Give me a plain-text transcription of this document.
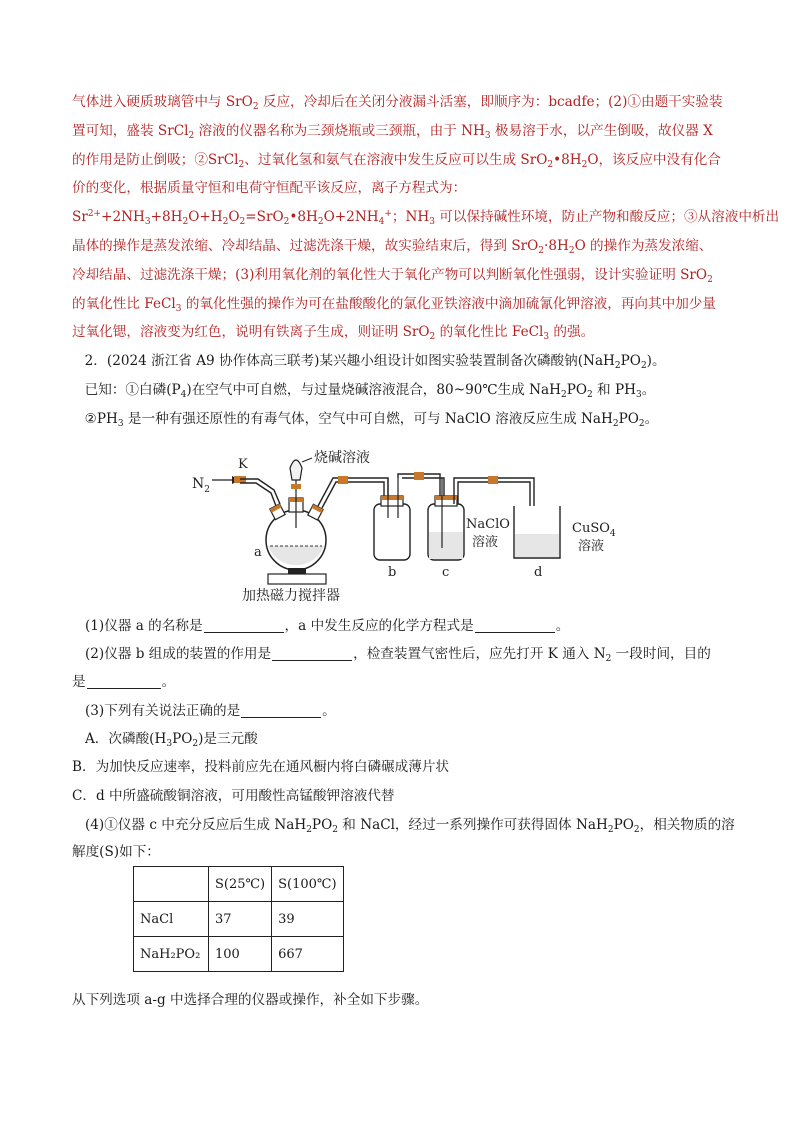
气体进入硬质玻璃管中与 SrO$_2$ 反应，冷却后在关闭分液漏斗活塞，即顺序为：bcadfe；(2)①由题干实验装

置可知，盛装 SrCl$_2$ 溶液的仪器名称为三颈烧瓶或三颈瓶，由于 $NH_3$ 极易溶于水，以产生倒吸，故仪器 X

的作用是防止倒吸；②SrCl$_2$、过氧化氢和氨气在溶液中发生反应可以生成 $SrO_2•8H_2O$，该反应中没有化合

价的变化，根据质量守恒和电荷守恒配平该反应，离子方程式为：

$Sr^{2+}+2NH_3+8H_2O+H_2O_2=SrO_2•8H_2O+2NH_4^+$；$NH_3$ 可以保持碱性环境，防止产物和酸反应；③从溶液中析出

晶体的操作是蒸发浓缩、冷却结晶、过滤洗涤干燥，故实验结束后，得到 $SrO_2\cdot 8H_2O$ 的操作为蒸发浓缩、

冷却结晶、过滤洗涤干燥；(3)利用氧化剂的氧化性大于氧化产物可以判断氧化性强弱，设计实验证明 SrO$_2$

的氧化性比 FeCl$_3$ 的氧化性强的操作为可在盐酸酸化的氯化亚铁溶液中滴加硫氰化钾溶液，再向其中加少量

过氧化锶，溶液变为红色，说明有铁离子生成，则证明 SrO$_2$ 的氧化性比 FeCl$_3$ 的强。

2．(2024 浙江省 A9 协作体高三联考)某兴趣小组设计如图实验装置制备次磷酸钠$(NaH_2PO_2)$。

已知：①白磷$(P_4)$在空气中可自燃，与过量烧碱溶液混合，80~90℃生成 $NaH_2PO_2$ 和 $PH_3$。

$②PH_3$ 是一种有强还原性的有毒气体，空气中可自燃，可与 NaClO 溶液反应生成 $NaH_2PO_2$。

$N_2$
K
a
烧碱溶液
加热磁力搅拌器
b	c
NaClO
溶液
d
CuSO$_4$
溶液

(1)仪器 a 的名称是	，a 中发生反应的化学方程式是	。

(2)仪器 b 组成的装置的作用是	，检查装置气密性后，应先打开 K 通入 $N_2$ 一段时间，目的

是	。

(3)下列有关说法正确的是	。

A．次磷酸$(H_3PO_2)$是三元酸

B．为加快反应速率，投料前应先在通风橱内将白磷碾成薄片状

C．d 中所盛硫酸铜溶液，可用酸性高锰酸钾溶液代替

(4)①仪器 c 中充分反应后生成 $NaH_2PO_2$ 和 NaCl，经过一系列操作可获得固体 $NaH_2PO_2$，相关物质的溶

解度(S)如下：

	S(25℃)	S(100℃)
NaCl	37	39
NaH₂PO₂	100	667

从下列选项 a-g 中选择合理的仪器或操作，补全如下步骤。
